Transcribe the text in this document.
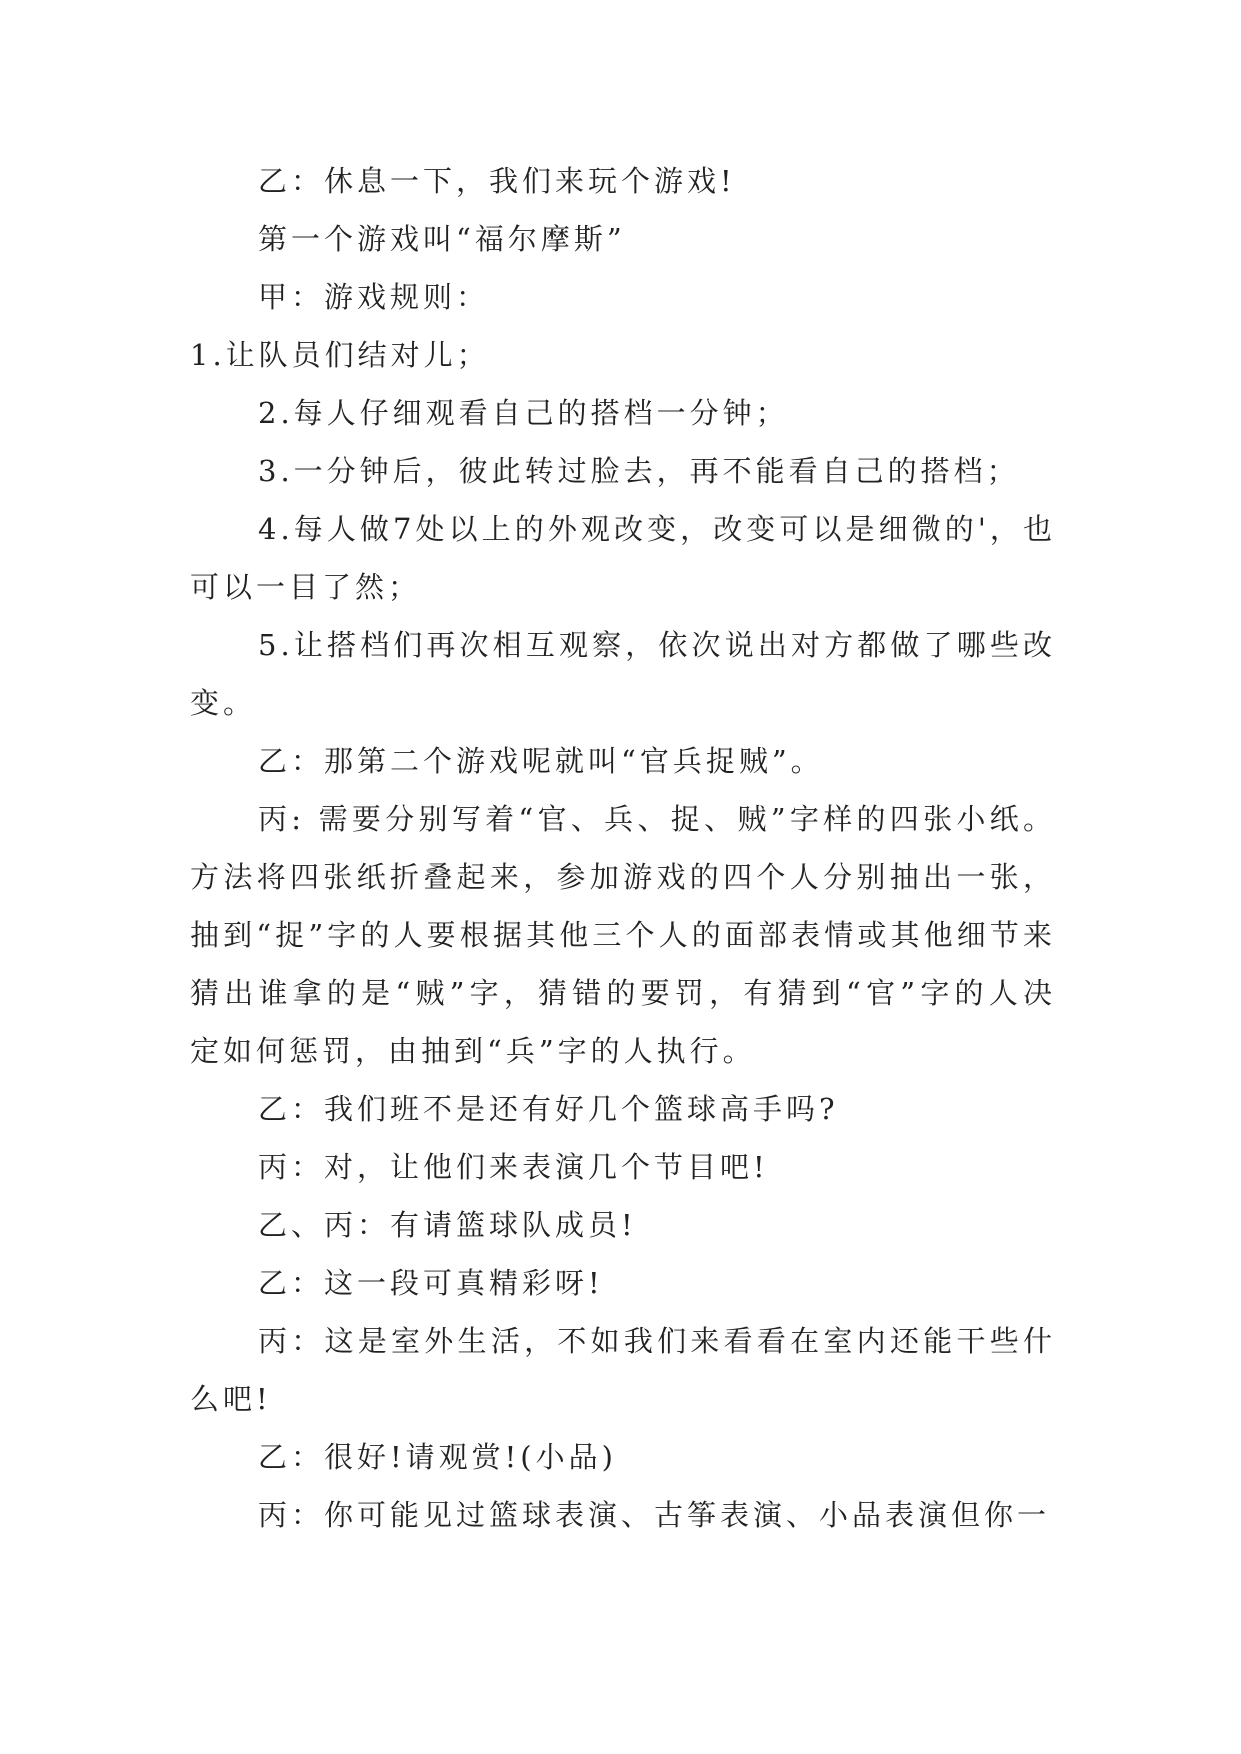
乙：休息一下，我们来玩个游戏!

第一个游戏叫“福尔摩斯”

甲：游戏规则：

1.让队员们结对儿；

2.每人仔细观看自己的搭档一分钟；

3.一分钟后，彼此转过脸去，再不能看自己的搭档；

4.每人做7处以上的外观改变，改变可以是细微的'，也可以一目了然；

5.让搭档们再次相互观察，依次说出对方都做了哪些改变。

乙：那第二个游戏呢就叫“官兵捉贼”。

丙: 需要分别写着“官、兵、捉、贼”字样的四张小纸。方法将四张纸折叠起来，参加游戏的四个人分别抽出一张，抽到“捉”字的人要根据其他三个人的面部表情或其他细节来猜出谁拿的是“贼”字，猜错的要罚，有猜到“官”字的人决定如何惩罚，由抽到“兵”字的人执行。

乙：我们班不是还有好几个篮球高手吗?

丙：对，让他们来表演几个节目吧!

乙、丙：有请篮球队成员!

乙：这一段可真精彩呀!

丙：这是室外生活，不如我们来看看在室内还能干些什么吧!

乙：很好!请观赏!(小品)

丙：你可能见过篮球表演、古筝表演、小品表演但你一
